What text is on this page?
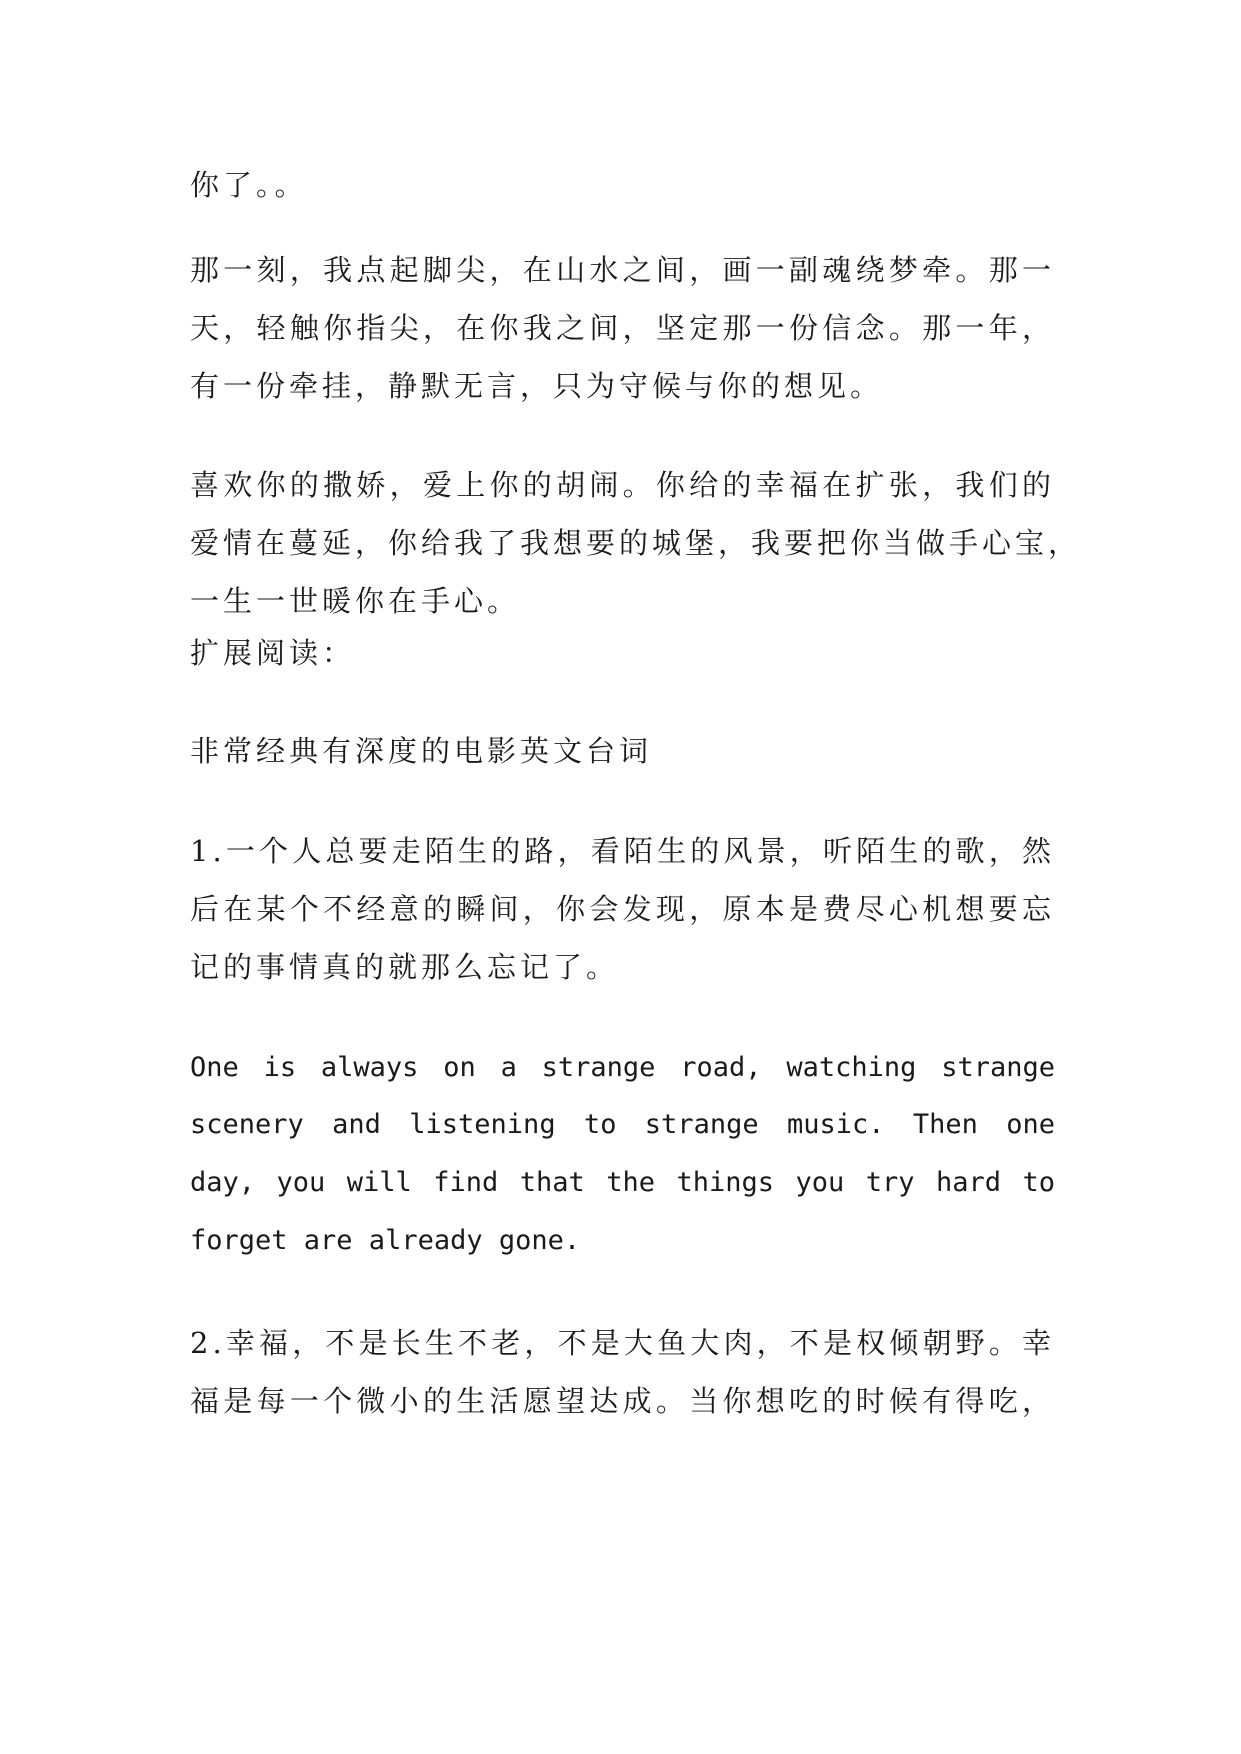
你了。。
那一刻，我点起脚尖，在山水之间，画一副魂绕梦牵。那一
天，轻触你指尖，在你我之间，坚定那一份信念。那一年，
有一份牵挂，静默无言，只为守候与你的想见。
喜欢你的撒娇，爱上你的胡闹。你给的幸福在扩张，我们的
爱情在蔓延，你给我了我想要的城堡，我要把你当做手心宝，
一生一世暖你在手心。
扩展阅读：
非常经典有深度的电影英文台词
1.一个人总要走陌生的路，看陌生的风景，听陌生的歌，然
后在某个不经意的瞬间，你会发现，原本是费尽心机想要忘
记的事情真的就那么忘记了。
One is always on a strange road, watching strange
scenery and listening to strange music. Then one
day, you will find that the things you try hard to
forget are already gone.
2.幸福，不是长生不老，不是大鱼大肉，不是权倾朝野。幸
福是每一个微小的生活愿望达成。当你想吃的时候有得吃，
